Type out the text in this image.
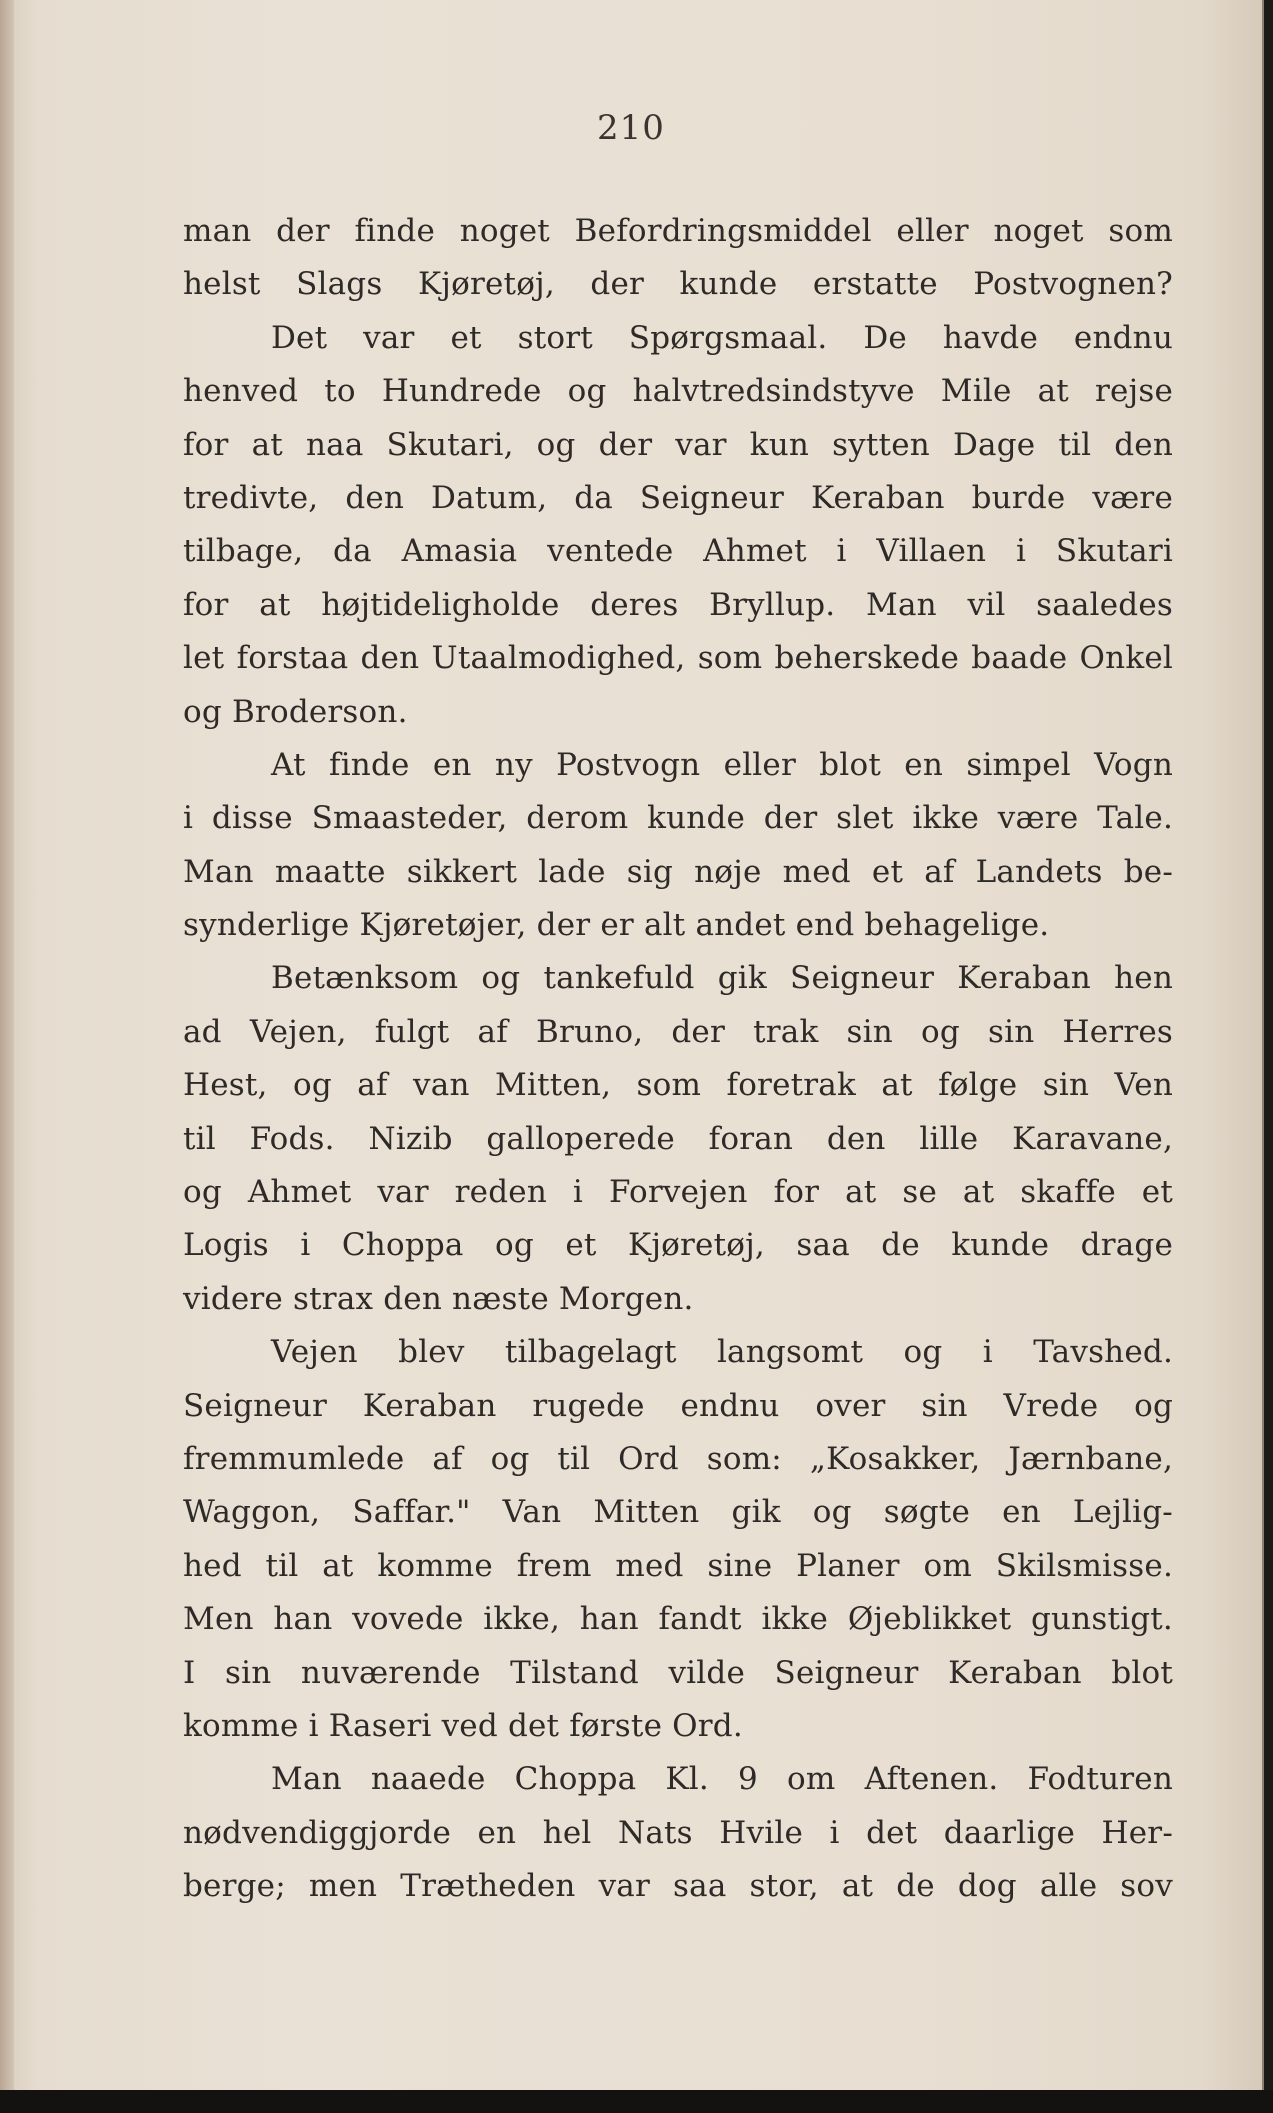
210
man der finde noget Befordringsmiddel eller noget som
helst Slags Kjøretøj, der kunde erstatte Postvognen?
Det var et stort Spørgsmaal. De havde endnu
henved to Hundrede og halvtredsindstyve Mile at rejse
for at naa Skutari, og der var kun sytten Dage til den
tredivte, den Datum, da Seigneur Keraban burde være
tilbage, da Amasia ventede Ahmet i Villaen i Skutari
for at højtideligholde deres Bryllup. Man vil saaledes
let forstaa den Utaalmodighed, som beherskede baade Onkel
og Broderson.
At finde en ny Postvogn eller blot en simpel Vogn
i disse Smaasteder, derom kunde der slet ikke være Tale.
Man maatte sikkert lade sig nøje med et af Landets be-
synderlige Kjøretøjer, der er alt andet end behagelige.
Betænksom og tankefuld gik Seigneur Keraban hen
ad Vejen, fulgt af Bruno, der trak sin og sin Herres
Hest, og af van Mitten, som foretrak at følge sin Ven
til Fods. Nizib galloperede foran den lille Karavane,
og Ahmet var reden i Forvejen for at se at skaffe et
Logis i Choppa og et Kjøretøj, saa de kunde drage
videre strax den næste Morgen.
Vejen blev tilbagelagt langsomt og i Tavshed.
Seigneur Keraban rugede endnu over sin Vrede og
fremmumlede af og til Ord som: „Kosakker, Jærnbane,
Waggon, Saffar." Van Mitten gik og søgte en Lejlig-
hed til at komme frem med sine Planer om Skilsmisse.
Men han vovede ikke, han fandt ikke Øjeblikket gunstigt.
I sin nuværende Tilstand vilde Seigneur Keraban blot
komme i Raseri ved det første Ord.
Man naaede Choppa Kl. 9 om Aftenen. Fodturen
nødvendiggjorde en hel Nats Hvile i det daarlige Her-
berge; men Trætheden var saa stor, at de dog alle sov
